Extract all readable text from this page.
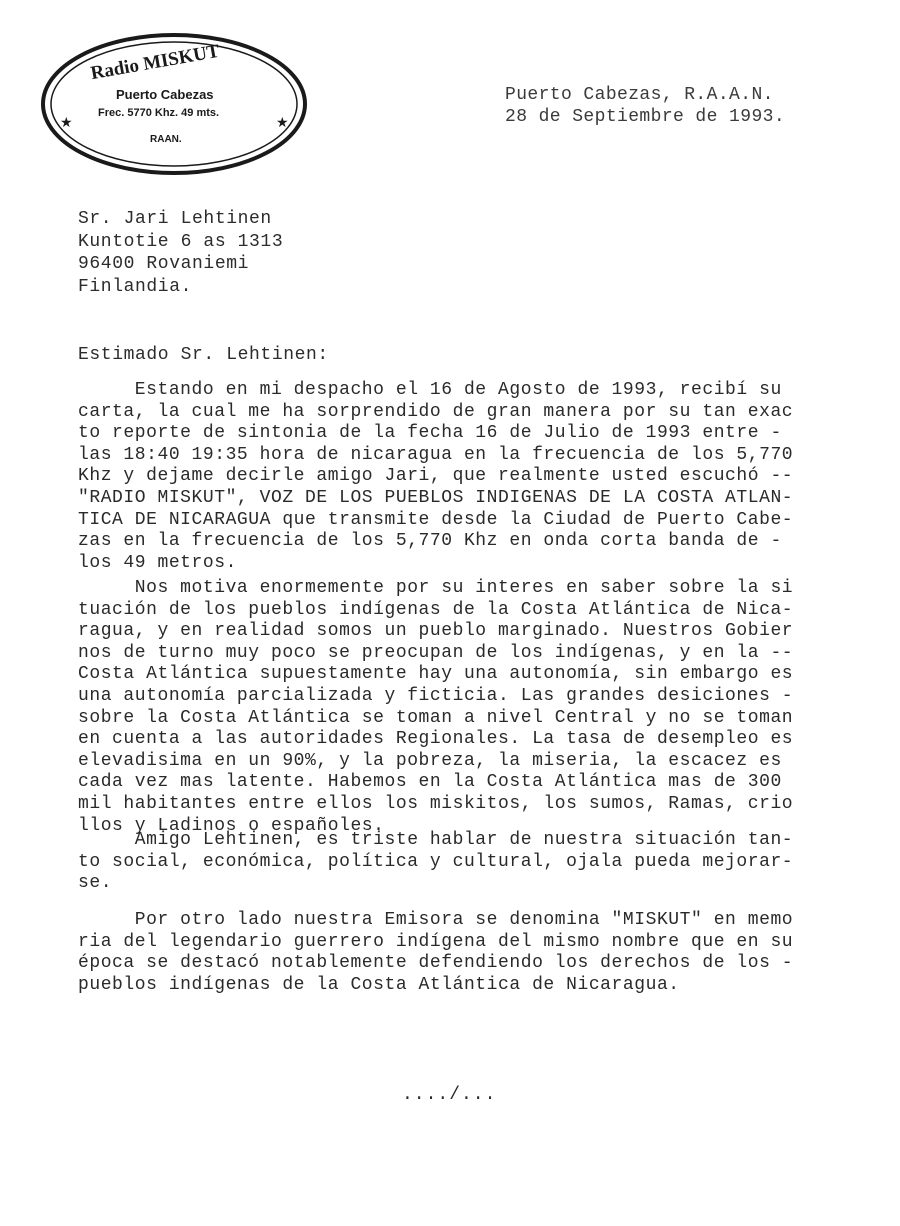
★	★
Radio MISKUT
Puerto Cabezas
Frec. 5770 Khz. 49 mts.
RAAN.
Puerto Cabezas, R.A.A.N.
28 de Septiembre de 1993.
Sr. Jari Lehtinen
Kuntotie 6 as 1313
96400 Rovaniemi
Finlandia.
Estimado Sr. Lehtinen:
Estando en mi despacho el 16 de Agosto de 1993, recibí su
carta, la cual me ha sorprendido de gran manera por su tan exac
to reporte de sintonia de la fecha 16 de Julio de 1993 entre -
las 18:40 19:35 hora de nicaragua en la frecuencia de los 5,770
Khz y dejame decirle amigo Jari, que realmente usted escuchó --
"RADIO MISKUT", VOZ DE LOS PUEBLOS INDIGENAS DE LA COSTA ATLAN-
TICA DE NICARAGUA que transmite desde la Ciudad de Puerto Cabe-
zas en la frecuencia de los 5,770 Khz en onda corta banda de -
los 49 metros.
Nos motiva enormemente por su interes en saber sobre la si
tuación de los pueblos indígenas de la Costa Atlántica de Nica-
ragua, y en realidad somos un pueblo marginado. Nuestros Gobier
nos de turno muy poco se preocupan de los indígenas, y en la --
Costa Atlántica supuestamente hay una autonomía, sin embargo es
una autonomía parcializada y ficticia. Las grandes desiciones -
sobre la Costa Atlántica se toman a nivel Central y no se toman
en cuenta a las autoridades Regionales. La tasa de desempleo es
elevadisima en un 90%, y la pobreza, la miseria, la escacez es
cada vez mas latente. Habemos en la Costa Atlántica mas de 300
mil habitantes entre ellos los miskitos, los sumos, Ramas, crio
llos y Ladinos o españoles.
Amigo Lehtinen, es triste hablar de nuestra situación tan-
to social, económica, política y cultural, ojala pueda mejorar-
se.
Por otro lado nuestra Emisora se denomina "MISKUT" en memo
ria del legendario guerrero indígena del mismo nombre que en su
época se destacó notablemente defendiendo los derechos de los -
pueblos indígenas de la Costa Atlántica de Nicaragua.
..../...
